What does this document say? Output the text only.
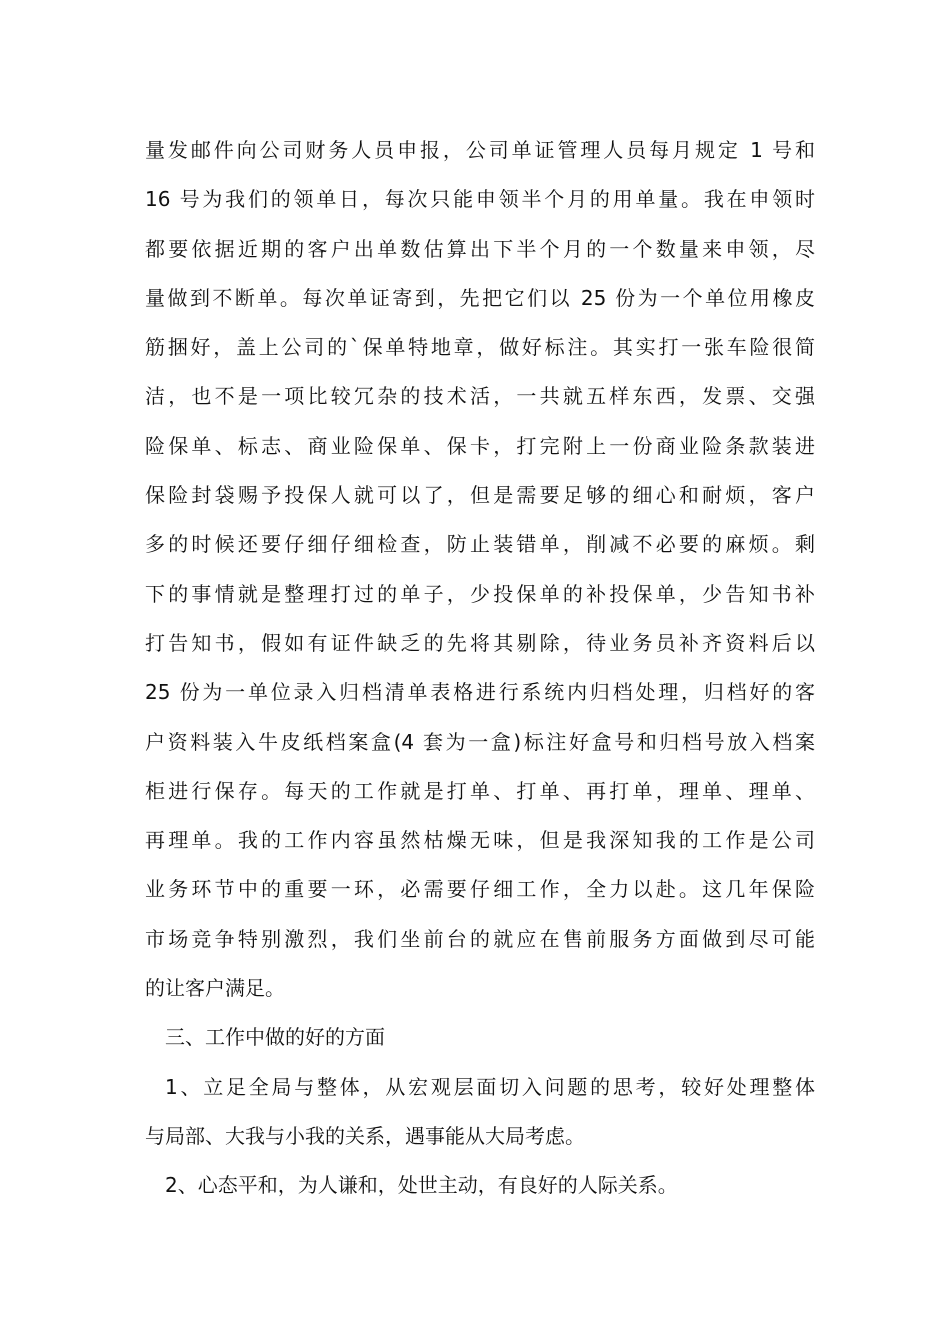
量发邮件向公司财务人员申报，公司单证管理人员每月规定 1 号和
16 号为我们的领单日，每次只能申领半个月的用单量。我在申领时
都要依据近期的客户出单数估算出下半个月的一个数量来申领，尽
量做到不断单。每次单证寄到，先把它们以 25 份为一个单位用橡皮
筋捆好，盖上公司的`保单特地章，做好标注。其实打一张车险很简
洁，也不是一项比较冗杂的技术活，一共就五样东西，发票、交强
险保单、标志、商业险保单、保卡，打完附上一份商业险条款装进
保险封袋赐予投保人就可以了，但是需要足够的细心和耐烦，客户
多的时候还要仔细仔细检查，防止装错单，削减不必要的麻烦。剩
下的事情就是整理打过的单子，少投保单的补投保单，少告知书补
打告知书，假如有证件缺乏的先将其剔除，待业务员补齐资料后以
25 份为一单位录入归档清单表格进行系统内归档处理，归档好的客
户资料装入牛皮纸档案盒(4 套为一盒)标注好盒号和归档号放入档案
柜进行保存。每天的工作就是打单、打单、再打单，理单、理单、
再理单。我的工作内容虽然枯燥无味，但是我深知我的工作是公司
业务环节中的重要一环，必需要仔细工作，全力以赴。这几年保险
市场竞争特别激烈，我们坐前台的就应在售前服务方面做到尽可能
的让客户满足。
三、工作中做的好的方面
1、立足全局与整体，从宏观层面切入问题的思考，较好处理整体
与局部、大我与小我的关系，遇事能从大局考虑。
2、心态平和，为人谦和，处世主动，有良好的人际关系。
